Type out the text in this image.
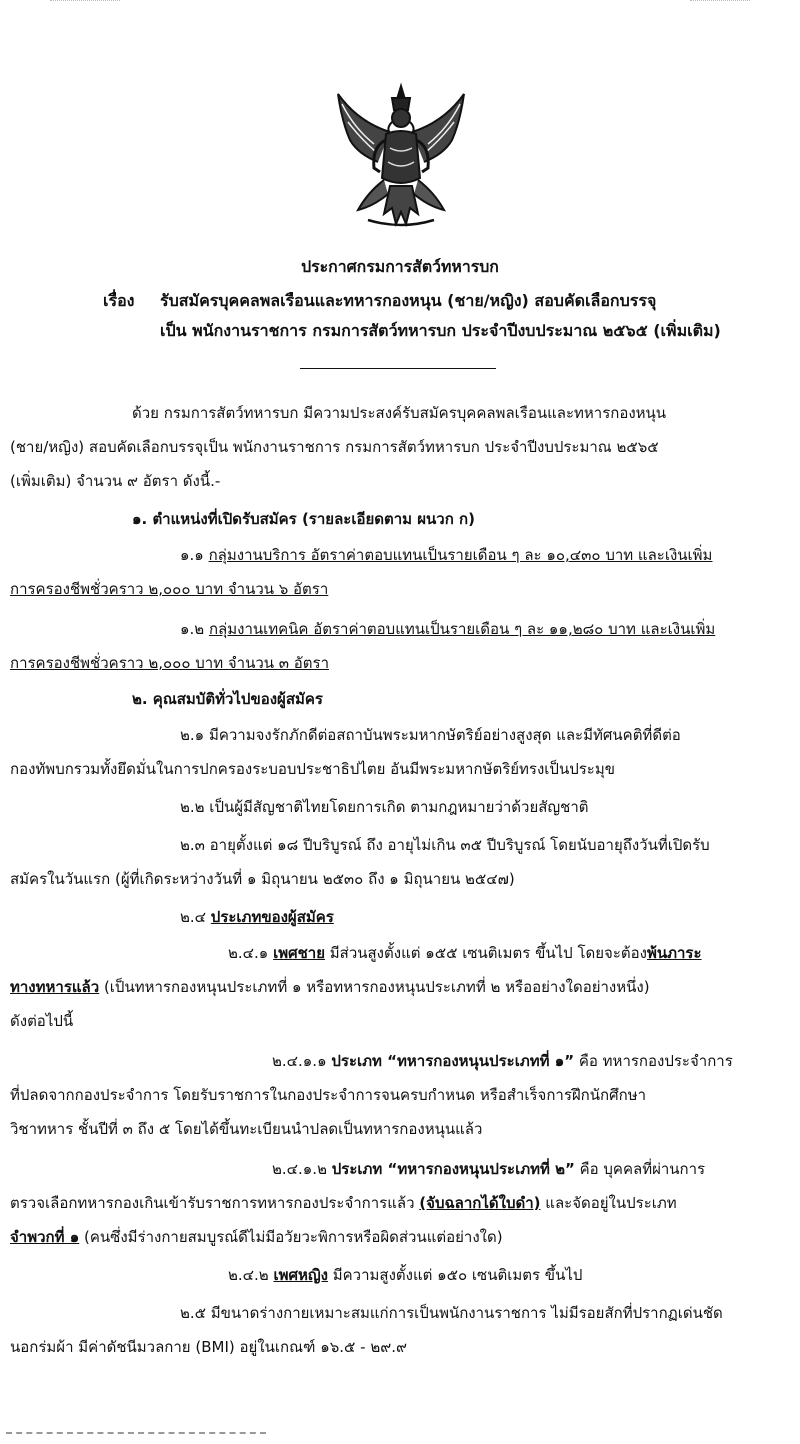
ประกาศกรมการสัตว์ทหารบก
เรื่อง รับสมัครบุคคลพลเรือนและทหารกองหนุน (ชาย/หญิง) สอบคัดเลือกบรรจุ
เป็น พนักงานราชการ กรมการสัตว์ทหารบก ประจำปีงบประมาณ ๒๕๖๕ (เพิ่มเติม)
ด้วย กรมการสัตว์ทหารบก มีความประสงค์รับสมัครบุคคลพลเรือนและทหารกองหนุน
(ชาย/หญิง) สอบคัดเลือกบรรจุเป็น พนักงานราชการ กรมการสัตว์ทหารบก ประจำปีงบประมาณ ๒๕๖๕
(เพิ่มเติม) จำนวน ๙ อัตรา ดังนี้.-
๑. ตำแหน่งที่เปิดรับสมัคร (รายละเอียดตาม ผนวก ก)
๑.๑ กลุ่มงานบริการ อัตราค่าตอบแทนเป็นรายเดือน ๆ ละ ๑๐,๔๓๐ บาท และเงินเพิ่ม
การครองชีพชั่วคราว ๒,๐๐๐ บาท จำนวน ๖ อัตรา
๑.๒ กลุ่มงานเทคนิค อัตราค่าตอบแทนเป็นรายเดือน ๆ ละ ๑๑,๒๘๐ บาท และเงินเพิ่ม
การครองชีพชั่วคราว ๒,๐๐๐ บาท จำนวน ๓ อัตรา
๒. คุณสมบัติทั่วไปของผู้สมัคร
๒.๑ มีความจงรักภักดีต่อสถาบันพระมหากษัตริย์อย่างสูงสุด และมีทัศนคติที่ดีต่อ
กองทัพบกรวมทั้งยึดมั่นในการปกครองระบอบประชาธิปไตย อันมีพระมหากษัตริย์ทรงเป็นประมุข
๒.๒ เป็นผู้มีสัญชาติไทยโดยการเกิด ตามกฎหมายว่าด้วยสัญชาติ
๒.๓ อายุตั้งแต่ ๑๘ ปีบริบูรณ์ ถึง อายุไม่เกิน ๓๕ ปีบริบูรณ์ โดยนับอายุถึงวันที่เปิดรับ
สมัครในวันแรก (ผู้ที่เกิดระหว่างวันที่ ๑ มิถุนายน ๒๕๓๐ ถึง ๑ มิถุนายน ๒๕๔๗)
๒.๔ ประเภทของผู้สมัคร
๒.๔.๑ เพศชาย มีส่วนสูงตั้งแต่ ๑๕๕ เซนติเมตร ขึ้นไป โดยจะต้องพ้นภาระ
ทางทหารแล้ว (เป็นทหารกองหนุนประเภทที่ ๑ หรือทหารกองหนุนประเภทที่ ๒ หรืออย่างใดอย่างหนึ่ง)
ดังต่อไปนี้
๒.๔.๑.๑ ประเภท “ทหารกองหนุนประเภทที่ ๑” คือ ทหารกองประจำการ
ที่ปลดจากกองประจำการ โดยรับราชการในกองประจำการจนครบกำหนด หรือสำเร็จการฝึกนักศึกษา
วิชาทหาร ชั้นปีที่ ๓ ถึง ๕ โดยได้ขึ้นทะเบียนนำปลดเป็นทหารกองหนุนแล้ว
๒.๔.๑.๒ ประเภท “ทหารกองหนุนประเภทที่ ๒” คือ บุคคลที่ผ่านการ
ตรวจเลือกทหารกองเกินเข้ารับราชการทหารกองประจำการแล้ว (จับฉลากได้ใบดำ) และจัดอยู่ในประเภท
จำพวกที่ ๑ (คนซึ่งมีร่างกายสมบูรณ์ดีไม่มีอวัยวะพิการหรือผิดส่วนแต่อย่างใด)
๒.๔.๒ เพศหญิง มีความสูงตั้งแต่ ๑๕๐ เซนติเมตร ขึ้นไป
๒.๕ มีขนาดร่างกายเหมาะสมแก่การเป็นพนักงานราชการ ไม่มีรอยสักที่ปรากฏเด่นชัด
นอกร่มผ้า มีค่าดัชนีมวลกาย (BMI) อยู่ในเกณฑ์ ๑๖.๕ - ๒๙.๙
